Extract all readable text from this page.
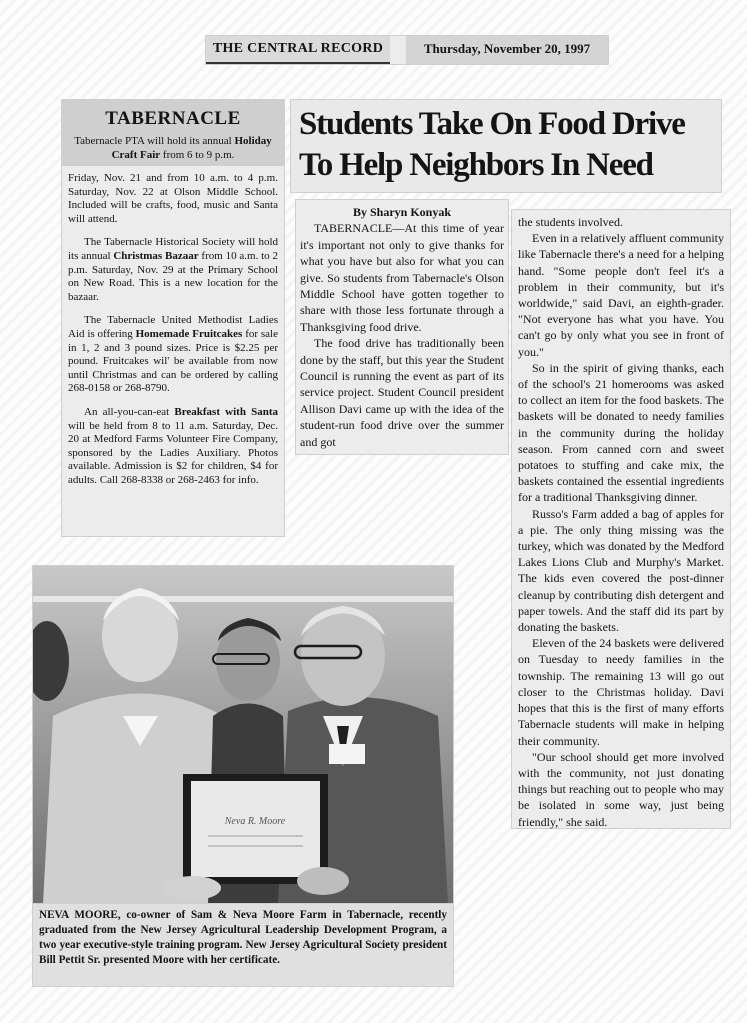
THE CENTRAL RECORD	Thursday, November 20, 1997
TABERNACLE
Tabernacle PTA will hold its annual Holiday Craft Fair from 6 to 9 p.m.

Friday, Nov. 21 and from 10 a.m. to 4 p.m. Saturday, Nov. 22 at Olson Middle School. Included will be crafts, food, music and Santa will attend.

The Tabernacle Historical Society will hold its annual Christmas Bazaar from 10 a.m. to 2 p.m. Saturday, Nov. 29 at the Primary School on New Road. This is a new location for the bazaar.

The Tabernacle United Methodist Ladies Aid is offering Homemade Fruitcakes for sale in 1, 2 and 3 pound sizes. Price is $2.25 per pound. Fruitcakes wil' be available from now until Christmas and can be ordered by calling 268-0158 or 268-8790.

An all-you-can-eat Breakfast with Santa will be held from 8 to 11 a.m. Saturday, Dec. 20 at Medford Farms Volunteer Fire Company, sponsored by the Ladies Auxiliary. Photos available. Admission is $2 for children, $4 for adults. Call 268-8338 or 268-2463 for info.

Students Take On Food Drive
To Help Neighbors In Need
By Sharyn Konyak

TABERNACLE—At this time of year it's important not only to give thanks for what you have but also for what you can give. So students from Tabernacle's Olson Middle School have gotten together to share with those less fortunate through a Thanksgiving food drive.

The food drive has traditionally been done by the staff, but this year the Student Council is running the event as part of its service project. Student Council president Allison Davi came up with the idea of the student-run food drive over the summer and got

the students involved.

Even in a relatively affluent community like Tabernacle there's a need for a helping hand. "Some people don't feel it's a problem in their community, but it's worldwide," said Davi, an eighth-grader. "Not everyone has what you have. You can't go by only what you see in front of you."

So in the spirit of giving thanks, each of the school's 21 homerooms was asked to collect an item for the food baskets. The baskets will be donated to needy families in the community during the holiday season. From canned corn and sweet potatoes to stuffing and cake mix, the baskets contained the essential ingredients for a traditional Thanksgiving dinner.

Russo's Farm added a bag of apples for a pie. The only thing missing was the turkey, which was donated by the Medford Lakes Lions Club and Murphy's Market. The kids even covered the post-dinner cleanup by contributing dish detergent and paper towels. And the staff did its part by donating the baskets.

Eleven of the 24 baskets were delivered on Tuesday to needy families in the township. The remaining 13 will go out closer to the Christmas holiday. Davi hopes that this is the first of many efforts Tabernacle students will make in helping their community.

"Our school should get more involved with the community, not just donating things but reaching out to people who may be isolated in some way, just being friendly," she said.

Neva R. Moore
NEVA MOORE, co-owner of Sam & Neva Moore Farm in Tabernacle, recently graduated from the New Jersey Agricultural Leadership Development Program, a two year executive-style training program. New Jersey Agricultural Society president Bill Pettit Sr. presented Moore with her certificate.
